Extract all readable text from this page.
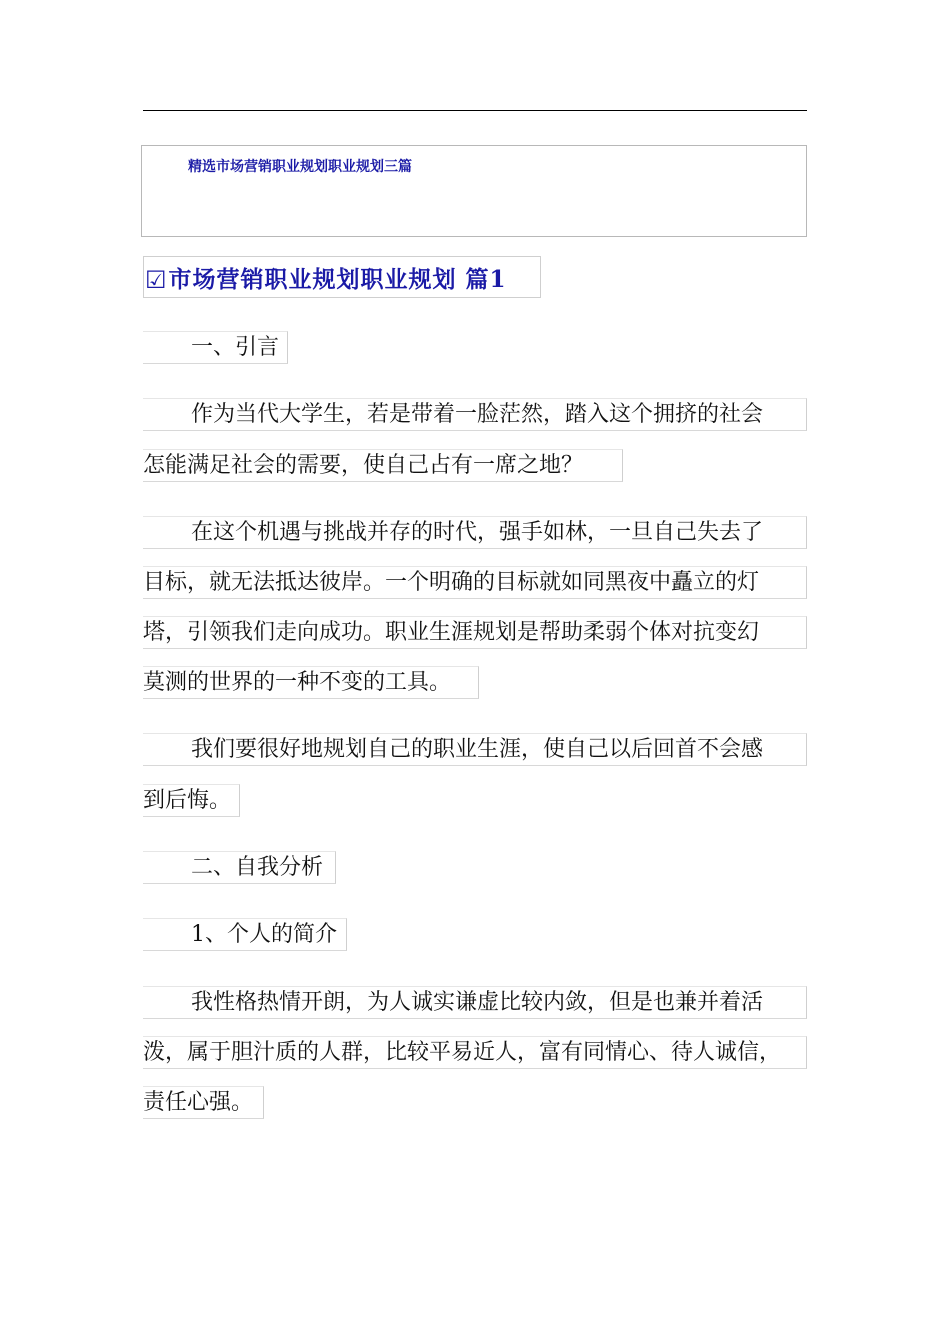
精选市场营销职业规划职业规划三篇
☑ 市场营销职业规划职业规划 篇1
一、引言
作为当代大学生，若是带着一脸茫然，踏入这个拥挤的社会
怎能满足社会的需要，使自己占有一席之地？
在这个机遇与挑战并存的时代，强手如林，一旦自己失去了
目标，就无法抵达彼岸。一个明确的目标就如同黑夜中矗立的灯
塔，引领我们走向成功。职业生涯规划是帮助柔弱个体对抗变幻
莫测的世界的一种不变的工具。
我们要很好地规划自己的职业生涯，使自己以后回首不会感
到后悔。
二、自我分析
1、个人的简介
我性格热情开朗，为人诚实谦虚比较内敛，但是也兼并着活
泼，属于胆汁质的人群，比较平易近人，富有同情心、待人诚信，
责任心强。
